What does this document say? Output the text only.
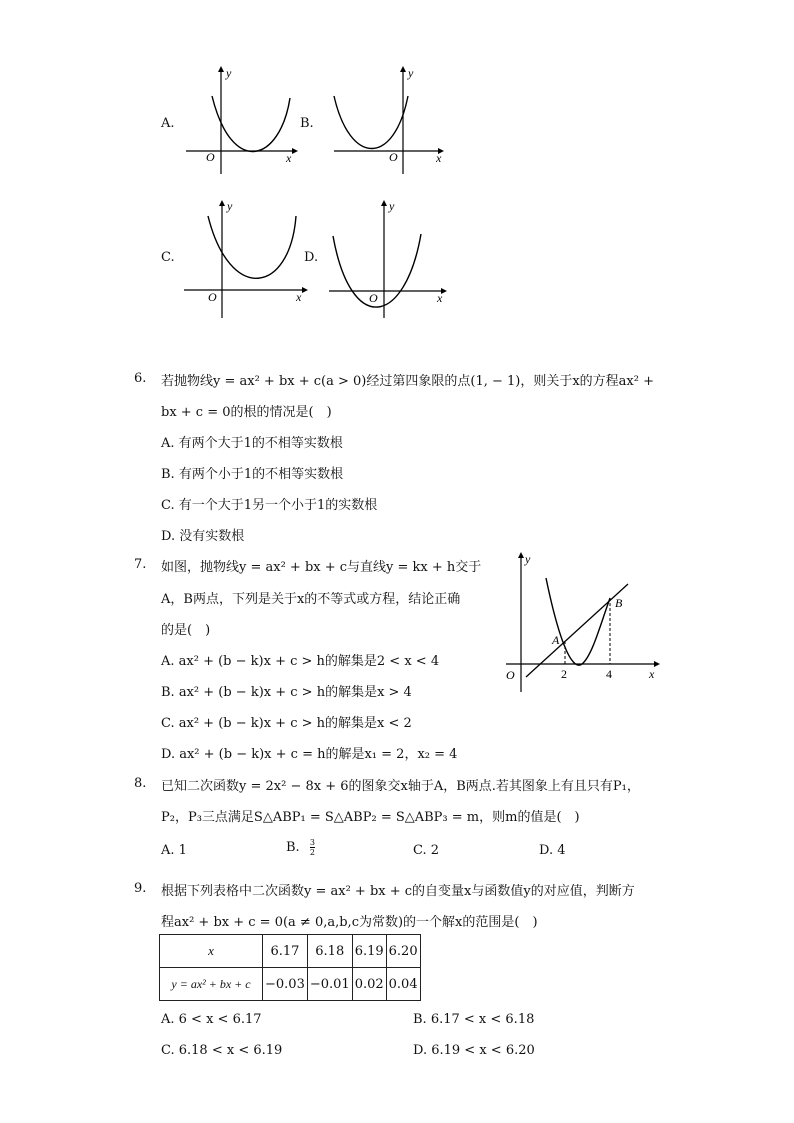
A.
y
x
O
B.
y
x
O
C.
y
x
O
D.
y
x
O
6. 若抛物线y = ax² + bx + c(a > 0)经过第四象限的点(1, − 1)，则关于x的方程ax² +
bx + c = 0的根的情况是(　)
A. 有两个大于1的不相等实数根
B. 有两个小于1的不相等实数根
C. 有一个大于1另一个小于1的实数根
D. 没有实数根
7. 如图，抛物线y = ax² + bx + c与直线y = kx + h交于
A，B两点，下列是关于x的不等式或方程，结论正确
的是(　)
A. ax² + (b − k)x + c > h的解集是2 < x < 4
B. ax² + (b − k)x + c > h的解集是x > 4
C. ax² + (b − k)x + c > h的解集是x < 2
D. ax² + (b − k)x + c = h的解是x₁ = 2，x₂ = 4
y
x
O
A
B
2	4
8. 已知二次函数y = 2x² − 8x + 6的图象交x轴于A，B两点.若其图象上有且只有P₁，
P₂，P₃三点满足S△ABP₁ = S△ABP₂ = S△ABP₃ = m，则m的值是(　)
A. 1	B. $\frac{3}{2}$	C. 2	D. 4
9. 根据下列表格中二次函数y = ax² + bx + c的自变量x与函数值y的对应值，判断方
程ax² + bx + c = 0(a ≠ 0,a,b,c为常数)的一个解x的范围是(　)
x	6.17	6.18	6.19	6.20
y = ax² + bx + c	−0.03	−0.01	0.02	0.04
A. 6 < x < 6.17	B. 6.17 < x < 6.18
C. 6.18 < x < 6.19	D. 6.19 < x < 6.20
